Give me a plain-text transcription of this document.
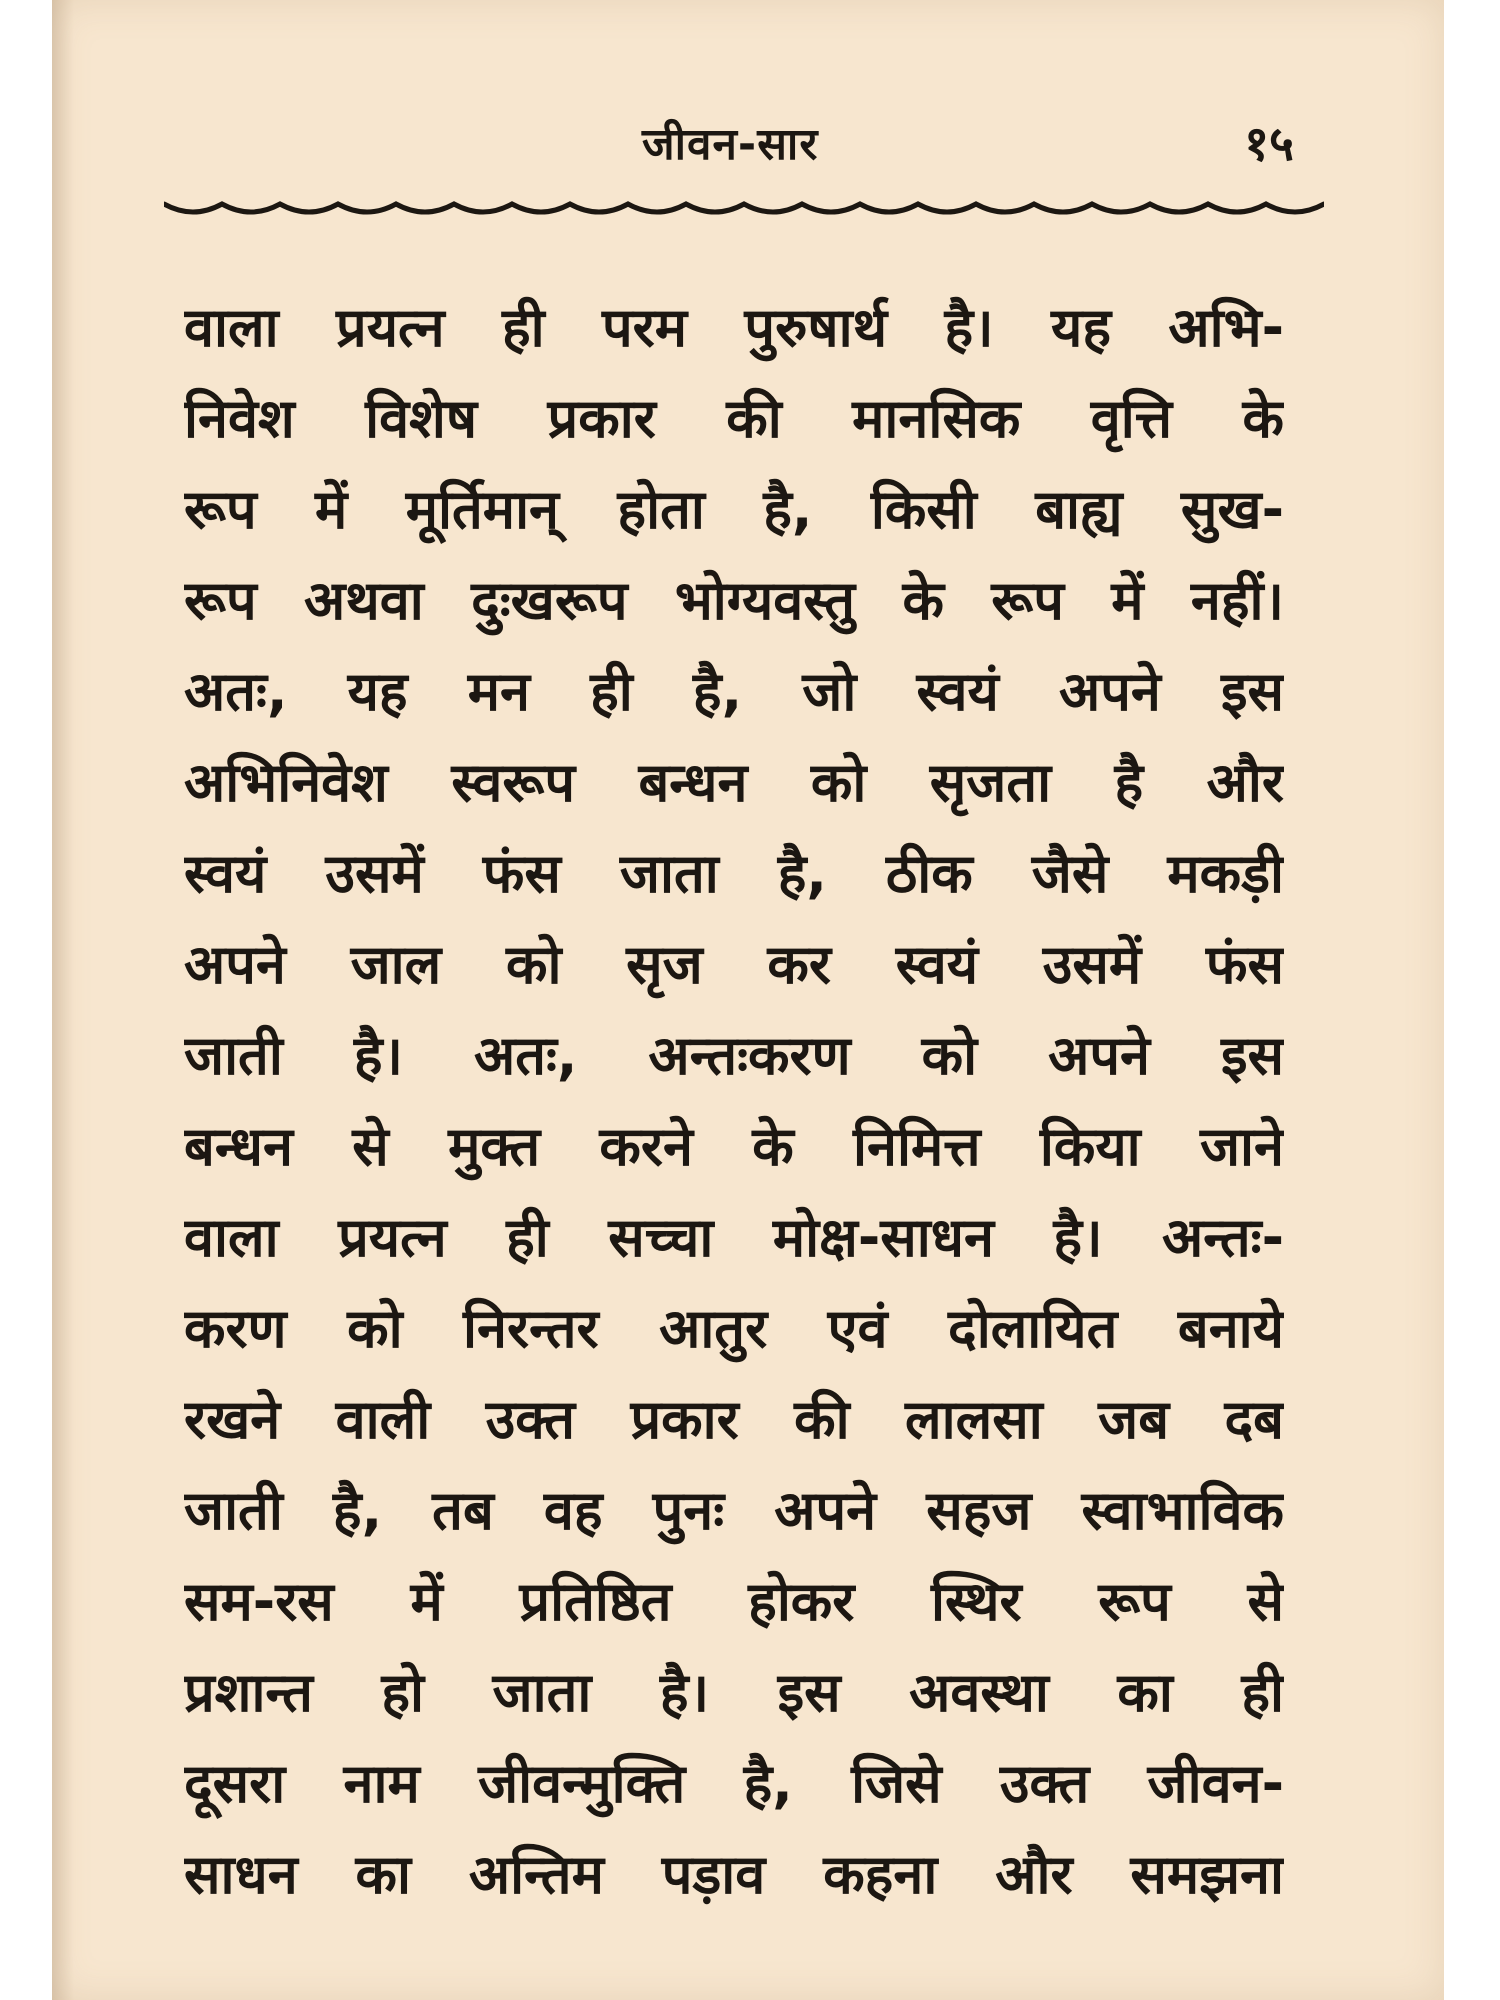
जीवन-सार	१५
वाला प्रयत्न ही परम पुरुषार्थ है। यह अभि-
निवेश विशेष प्रकार की मानसिक वृत्ति के
रूप में मूर्तिमान् होता है, किसी बाह्य सुख-
रूप अथवा दुःखरूप भोग्यवस्तु के रूप में नहीं।
अतः, यह मन ही है, जो स्वयं अपने इस
अभिनिवेश स्वरूप बन्धन को सृजता है और
स्वयं उसमें फंस जाता है, ठीक जैसे मकड़ी
अपने जाल को सृज कर स्वयं उसमें फंस
जाती है। अतः, अन्तःकरण को अपने इस
बन्धन से मुक्त करने के निमित्त किया जाने
वाला प्रयत्न ही सच्चा मोक्ष-साधन है। अन्तः-
करण को निरन्तर आतुर एवं दोलायित बनाये
रखने वाली उक्त प्रकार की लालसा जब दब
जाती है, तब वह पुनः अपने सहज स्वाभाविक
सम-रस में प्रतिष्ठित होकर स्थिर रूप से
प्रशान्त हो जाता है। इस अवस्था का ही
दूसरा नाम जीवन्मुक्ति है, जिसे उक्त जीवन-
साधन का अन्तिम पड़ाव कहना और समझना
